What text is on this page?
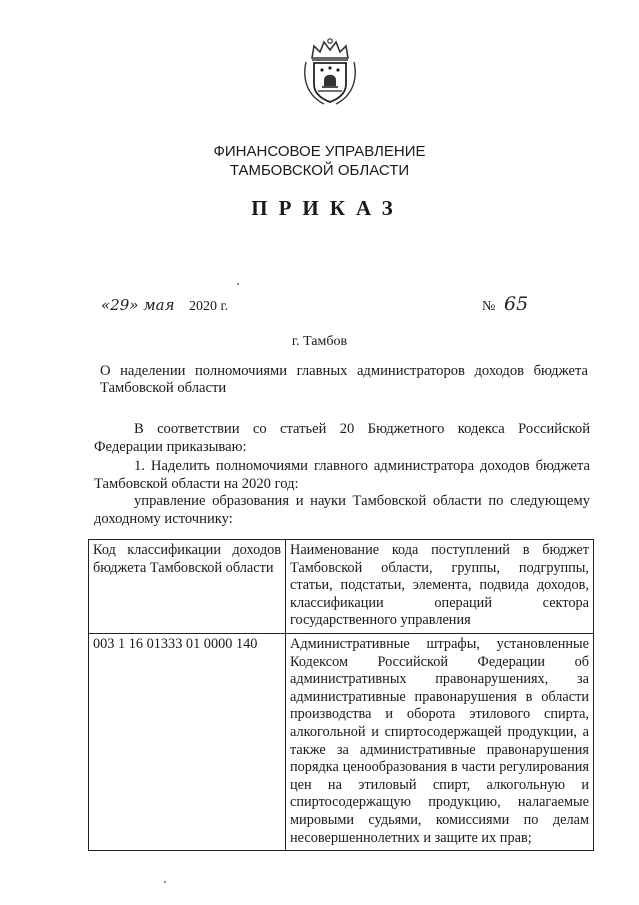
ФИНАНСОВОЕ УПРАВЛЕНИЕ
ТАМБОВСКОЙ ОБЛАСТИ
ПРИКАЗ
«29» мая 2020 г.	№ 65
г. Тамбов
О наделении полномочиями главных администраторов доходов бюджета Тамбовской области
В соответствии со статьей 20 Бюджетного кодекса Российской Федерации приказываю:
1. Наделить полномочиями главного администратора доходов бюджета Тамбовской области на 2020 год:
управление образования и науки Тамбовской области по следующему доходному источнику:
Код классификации доходов бюджета Тамбовской области	Наименование кода поступлений в бюджет Тамбовской области, группы, подгруппы, статьи, подстатьи, элемента, подвида доходов, классификации операций сектора государственного управления
003 1 16 01333 01 0000 140	Административные штрафы, установленные Кодексом Российской Федерации об административных правонарушениях, за административные правонарушения в области производства и оборота этилового спирта, алкогольной и спиртосодержащей продукции, а также за административные правонарушения порядка ценообразования в части регулирования цен на этиловый спирт, алкогольную и спиртосодержащую продукцию, налагаемые мировыми судьями, комиссиями по делам несовершеннолетних и защите их прав;
